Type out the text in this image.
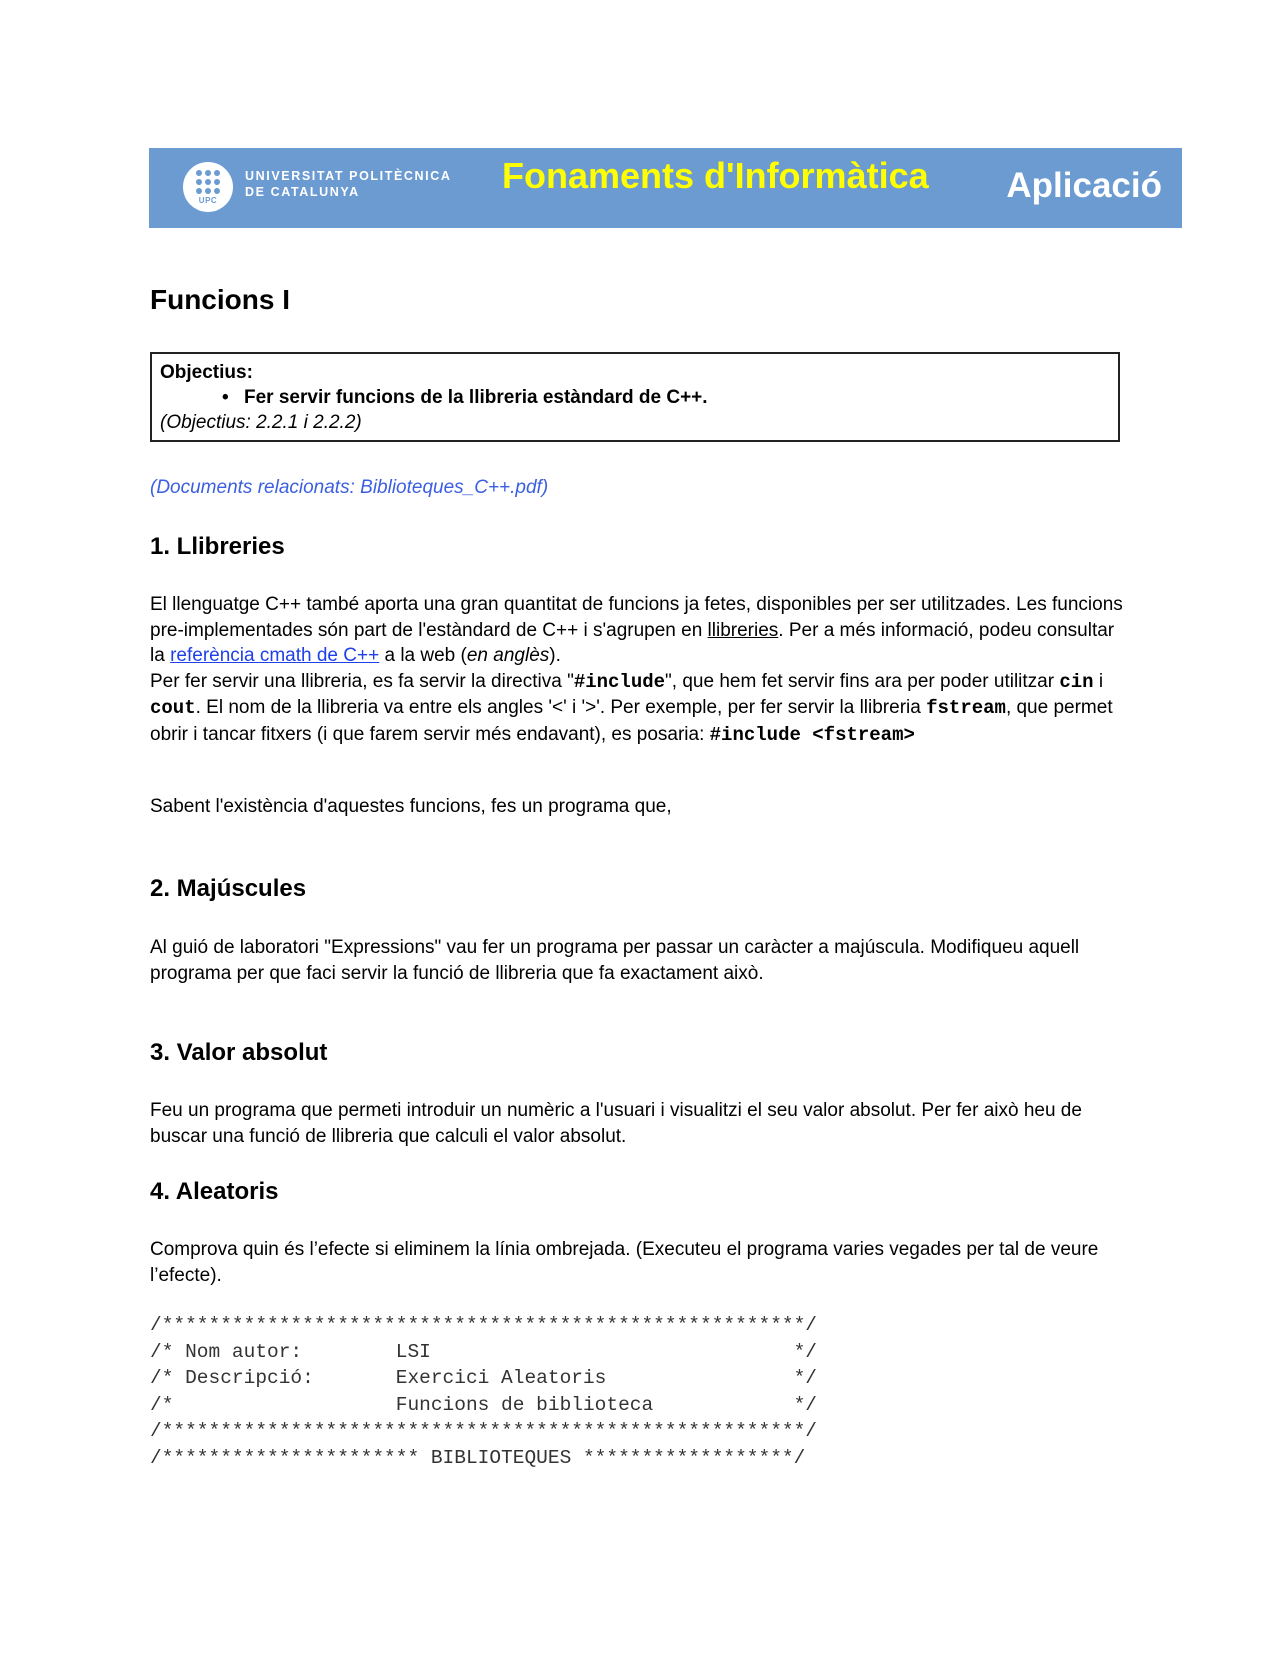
UPC
UNIVERSITAT POLITÈCNICA
DE CATALUNYA	Fonaments d'Informàtica Aplicació
Funcions I
Objectius:
• Fer servir funcions de la llibreria estàndard de C++.
(Objectius: 2.2.1 i 2.2.2)
(Documents relacionats: Biblioteques_C++.pdf)
1. Llibreries

El llenguatge C++ també aporta una gran quantitat de funcions ja fetes, disponibles per ser utilitzades. Les funcions pre-implementades són part de l'estàndard de C++ i s'agrupen en llibreries. Per a més informació, podeu consultar la referència cmath de C++ a la web (en anglès).
Per fer servir una llibreria, es fa servir la directiva "#include", que hem fet servir fins ara per poder utilitzar cin i cout. El nom de la llibreria va entre els angles '<' i '>'. Per exemple, per fer servir la llibreria fstream, que permet obrir i tancar fitxers (i que farem servir més endavant), es posaria: #include <fstream>

Sabent l'existència d'aquestes funcions, fes un programa que,

2. Majúscules

Al guió de laboratori "Expressions" vau fer un programa per passar un caràcter a majúscula. Modifiqueu aquell programa per que faci servir la funció de llibreria que fa exactament això.

3. Valor absolut

Feu un programa que permeti introduir un numèric a l'usuari i visualitzi el seu valor absolut. Per fer això heu de buscar una funció de llibreria que calculi el valor absolut.

4. Aleatoris

Comprova quin és l’efecte si eliminem la línia ombrejada. (Executeu el programa varies vegades per tal de veure l’efecte).

/*******************************************************/
/* Nom autor:        LSI                               */
/* Descripció:       Exercici Aleatoris                */
/*                   Funcions de biblioteca            */
/*******************************************************/
/********************** BIBLIOTEQUES ******************/
